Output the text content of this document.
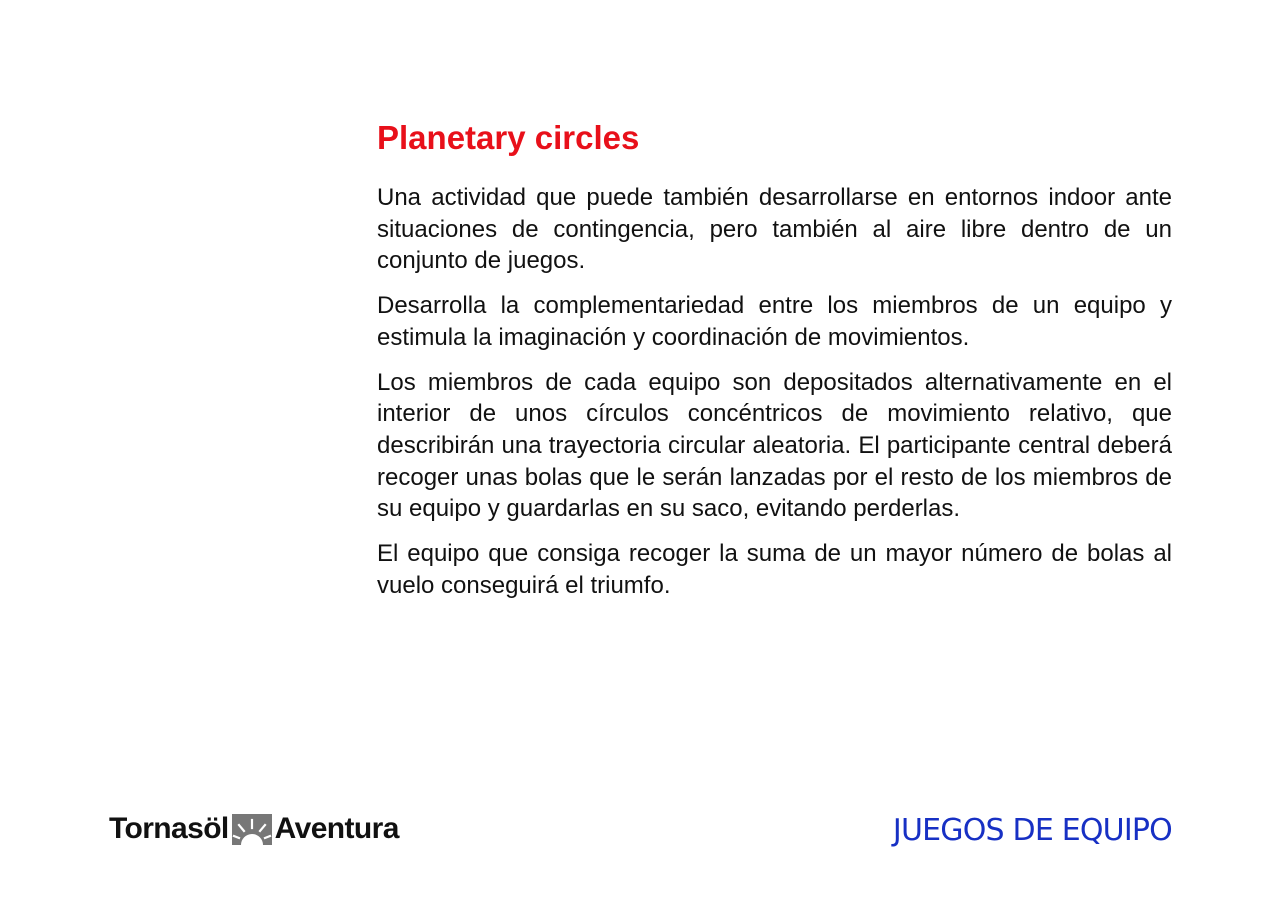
Planetary circles

Una actividad que puede también desarrollarse en entornos indoor ante situaciones de contingencia, pero también al aire libre dentro de un conjunto de juegos.

Desarrolla la complementariedad entre los miembros de un equipo y estimula la imaginación y coordinación de movimientos.

Los miembros de cada equipo son depositados alternativamente en el interior de unos círculos concéntricos de movimiento relativo, que describirán una trayectoria circular aleatoria. El participante central deberá recoger unas bolas que le serán lanzadas por el resto de los miembros de su equipo y guardarlas en su saco, evitando perderlas.

El equipo que consiga recoger la suma de un mayor número de bolas al vuelo conseguirá el triumfo.

Tornasöl Aventura	JUEGOS DE EQUIPO
